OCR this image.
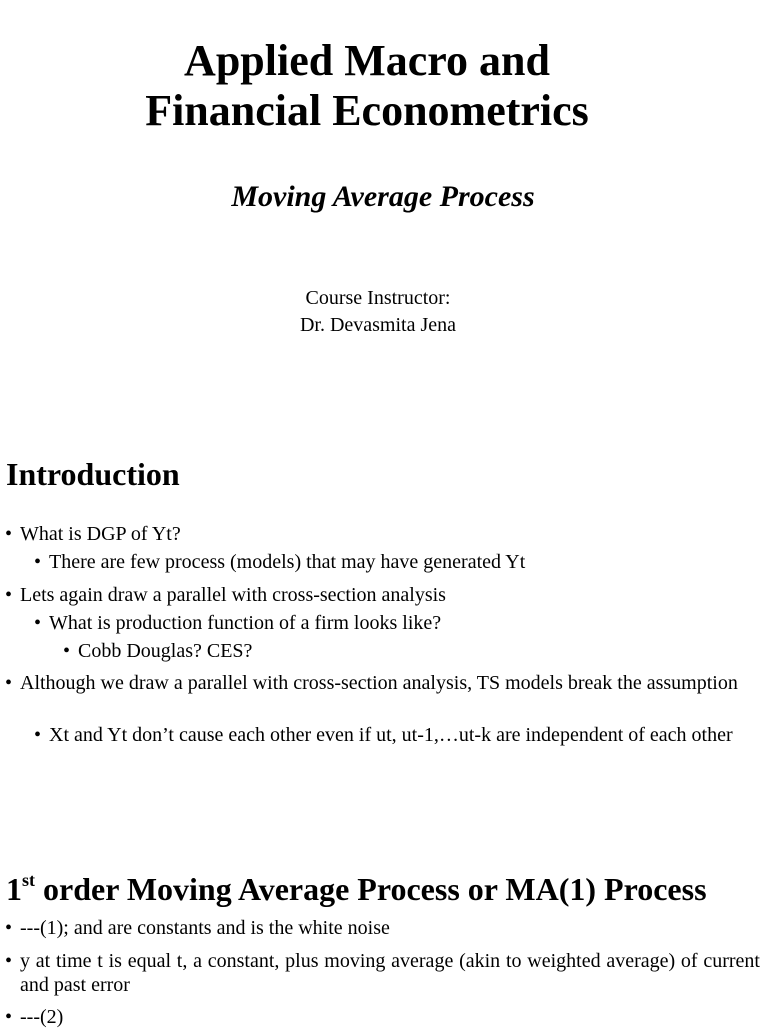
Applied Macro and
Financial Econometrics
Moving Average Process
Course Instructor:
Dr. Devasmita Jena
Introduction
• What is DGP of Yt?
• There are few process (models) that may have generated Yt
• Lets again draw a parallel with cross-section analysis
• What is production function of a firm looks like?
• Cobb Douglas? CES?
• Although we draw a parallel with cross-section analysis, TS models break the assumption
• Xt and Yt don’t cause each other even if ut, ut-1,…ut-k are independent of each other
1st order Moving Average Process or MA(1) Process
• ---(1); and are constants and is the white noise
• y at time t is equal t, a constant, plus moving average (akin to weighted average) of current and past error
• ---(2)
